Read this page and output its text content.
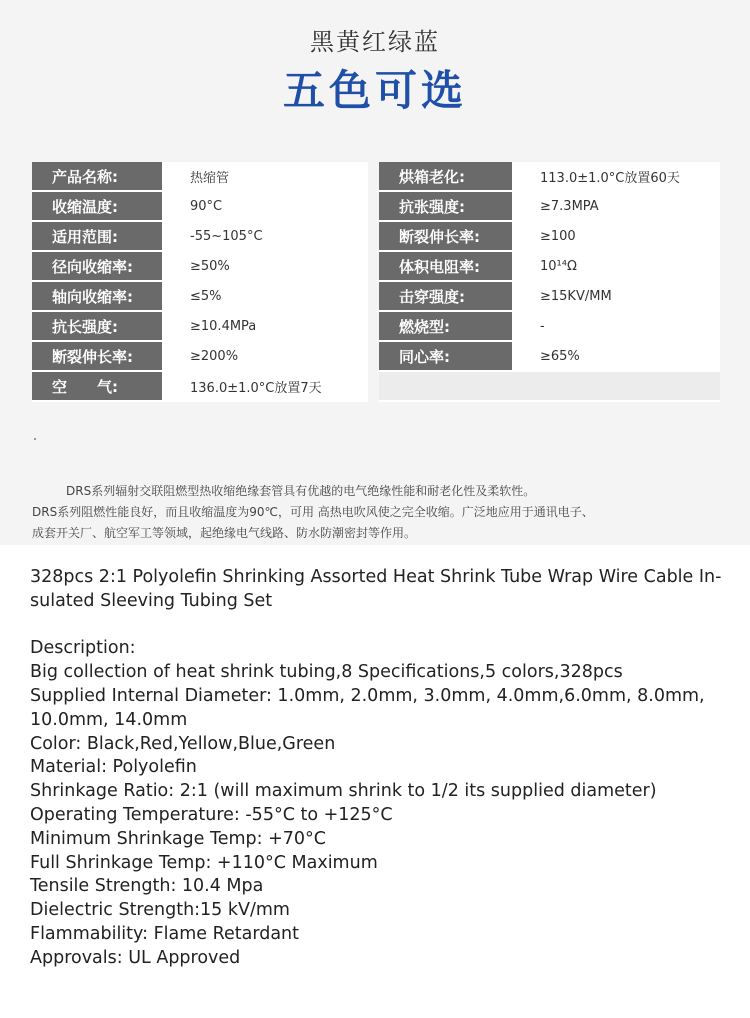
黑黄红绿蓝
五色可选
产品名称:	热缩管
收缩温度:	90°C
适用范围:	-55~105°C
径向收缩率:	≥50%
轴向收缩率:	≤5%
抗长强度:	≥10.4MPa
断裂伸长率:	≥200%
空　　气:	136.0±1.0°C放置7天
烘箱老化:	113.0±1.0°C放置60天
抗张强度:	≥7.3MPA
断裂伸长率:	≥100
体积电阻率:	10¹⁴Ω
击穿强度:	≥15KV/MM
燃烧型:	-
同心率:	≥65%

DRS系列辐射交联阻燃型热收缩绝缘套管具有优越的电气绝缘性能和耐老化性及柔软性。
DRS系列阻燃性能良好，而且收缩温度为90℃，可用 高热电吹风使之完全收缩。广泛地应用于通讯电子、
成套开关厂、航空军工等领域，起绝缘电气线路、防水防潮密封等作用。

328pcs 2:1 Polyolefin Shrinking Assorted Heat Shrink Tube Wrap Wire Cable In-sulated Sleeving Tubing Set

Description:

Big collection of heat shrink tubing,8 Specifications,5 colors,328pcs

Supplied Internal Diameter: 1.0mm, 2.0mm, 3.0mm, 4.0mm,6.0mm, 8.0mm, 10.0mm, 14.0mm

Color: Black,Red,Yellow,Blue,Green

Material: Polyolefin

Shrinkage Ratio: 2:1 (will maximum shrink to 1/2 its supplied diameter)

Operating Temperature: -55°C to +125°C

Minimum Shrinkage Temp: +70°C

Full Shrinkage Temp: +110°C Maximum

Tensile Strength: 10.4 Mpa

Dielectric Strength:15 kV/mm

Flammability: Flame Retardant

Approvals: UL Approved
